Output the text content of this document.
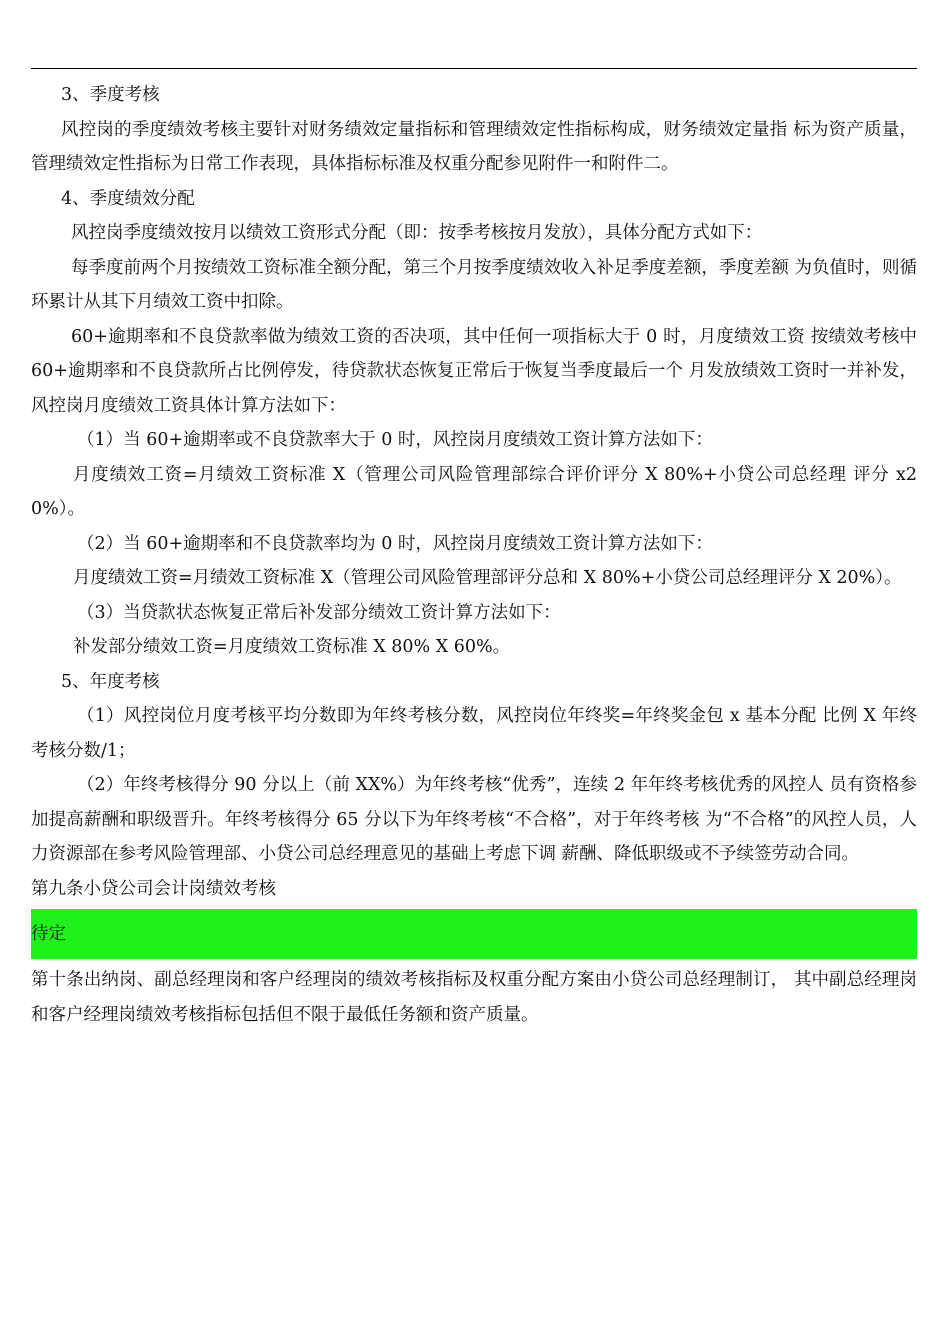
3、季度考核

风控岗的季度绩效考核主要针对财务绩效定量指标和管理绩效定性指标构成，财务绩效定量指 标为资产质量，管理绩效定性指标为日常工作表现，具体指标标准及权重分配参见附件一和附件二。

4、季度绩效分配

风控岗季度绩效按月以绩效工资形式分配（即：按季考核按月发放），具体分配方式如下：

每季度前两个月按绩效工资标准全额分配，第三个月按季度绩效收入补足季度差额，季度差额 为负值时，则循环累计从其下月绩效工资中扣除。

60+逾期率和不良贷款率做为绩效工资的否决项，其中任何一项指标大于 0 时，月度绩效工资 按绩效考核中 60+逾期率和不良贷款所占比例停发，待贷款状态恢复正常后于恢复当季度最后一个 月发放绩效工资时一并补发，风控岗月度绩效工资具体计算方法如下：

（1）当 60+逾期率或不良贷款率大于 0 时，风控岗月度绩效工资计算方法如下：

月度绩效工资=月绩效工资标准 X（管理公司风险管理部综合评价评分 X 80%+小贷公司总经理 评分 x20%）。

（2）当 60+逾期率和不良贷款率均为 0 时，风控岗月度绩效工资计算方法如下：

月度绩效工资=月绩效工资标准 X（管理公司风险管理部评分总和 X 80%+小贷公司总经理评分 X 20%）。

（3）当贷款状态恢复正常后补发部分绩效工资计算方法如下：

补发部分绩效工资=月度绩效工资标准 X 80% X 60%。

5、年度考核

（1）风控岗位月度考核平均分数即为年终考核分数，风控岗位年终奖=年终奖金包 x 基本分配 比例 X 年终考核分数/1；

（2）年终考核得分 90 分以上（前 XX%）为年终考核“优秀”，连续 2 年年终考核优秀的风控人 员有资格参加提高薪酬和职级晋升。年终考核得分 65 分以下为年终考核“不合格”，对于年终考核 为“不合格”的风控人员，人力资源部在参考风险管理部、小贷公司总经理意见的基础上考虑下调 薪酬、降低职级或不予续签劳动合同。

第九条小贷公司会计岗绩效考核

待定

第十条出纳岗、副总经理岗和客户经理岗的绩效考核指标及权重分配方案由小贷公司总经理制订， 其中副总经理岗和客户经理岗绩效考核指标包括但不限于最低任务额和资产质量。
